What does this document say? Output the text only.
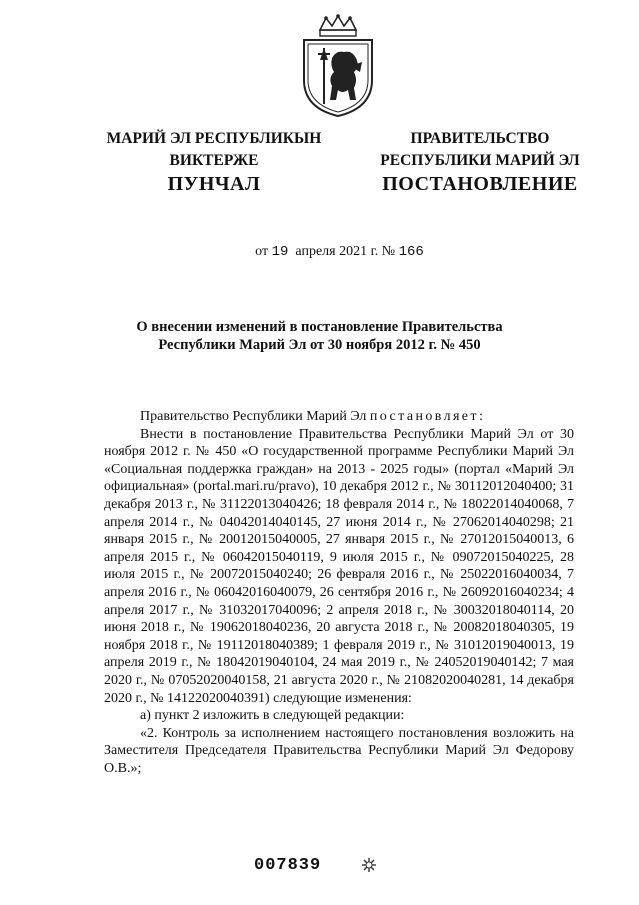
МАРИЙ ЭЛ РЕСПУБЛИКЫН
ВИКТЕРЖЕ
ПРАВИТЕЛЬСТВО
РЕСПУБЛИКИ МАРИЙ ЭЛ
ПУНЧАЛ	ПОСТАНОВЛЕНИЕ
от 19 апреля 2021 г. № 166
О внесении изменений в постановление Правительства
Республики Марий Эл от 30 ноября 2012 г. № 450

Правительство Республики Марий Эл постановляет:

Внести в постановление Правительства Республики Марий Эл от 30 ноября 2012 г. № 450 «О государственной программе Республики Марий Эл «Социальная поддержка граждан» на 2013 - 2025 годы» (портал «Марий Эл официальная» (portal.mari.ru/pravo), 10 декабря 2012 г., № 30112012040400; 31 декабря 2013 г., № 31122013040426; 18 февраля 2014 г., № 18022014040068, 7 апреля 2014 г., № 04042014040145, 27 июня 2014 г., № 27062014040298; 21 января 2015 г., № 20012015040005, 27 января 2015 г., № 27012015040013, 6 апреля 2015 г., № 06042015040119, 9 июля 2015 г., № 09072015040225, 28 июля 2015 г., № 20072015040240; 26 февраля 2016 г., № 25022016040034, 7 апреля 2016 г., № 06042016040079, 26 сентября 2016 г., № 26092016040234; 4 апреля 2017 г., № 31032017040096; 2 апреля 2018 г., № 30032018040114, 20 июня 2018 г., № 19062018040236, 20 августа 2018 г., № 20082018040305, 19 ноября 2018 г., № 19112018040389; 1 февраля 2019 г., № 31012019040013, 19 апреля 2019 г., № 18042019040104, 24 мая 2019 г., № 24052019040142; 7 мая 2020 г., № 07052020040158, 21 августа 2020 г., № 21082020040281, 14 декабря 2020 г., № 14122020040391) следующие изменения:

а) пункт 2 изложить в следующей редакции:

«2. Контроль за исполнением настоящего постановления возложить на Заместителя Председателя Правительства Республики Марий Эл Федорову О.В.»;

007839
